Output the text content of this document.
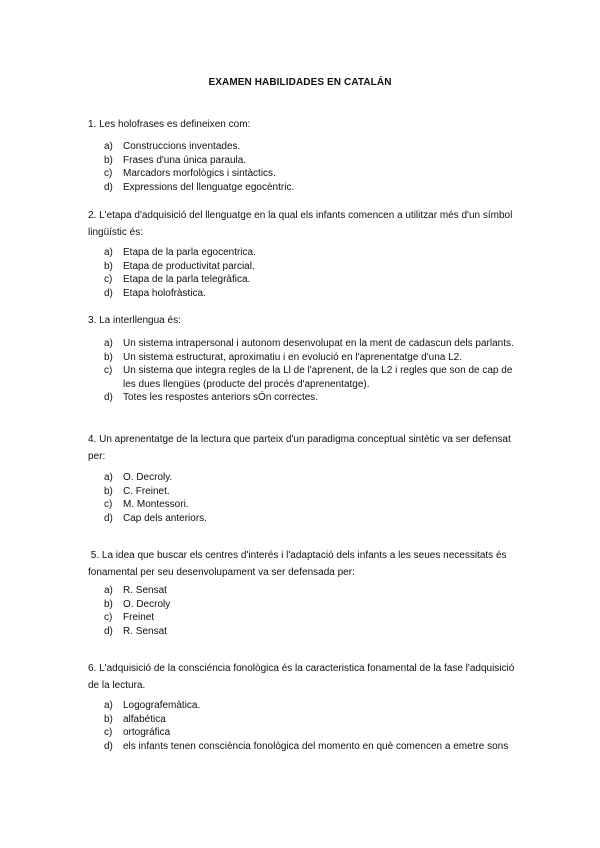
EXAMEN HABILIDADES EN CATALÁN
1. Les holofrases es defineixen com:
a)	Construccions inventades.
b)	Frases d'una única paraula.
c)	Marcadors morfològics i sintàctics.
d)	Expressions del llenguatge egocèntric.
2. L'etapa d'adquisició del llenguatge en la qual els infants comencen a utilitzar més d'un símbol lingüístic és:
a)	Etapa de la parla egocentrica.
b)	Etapa de productivitat parcial.
c)	Etapa de la parla telegràfica.
d)	Etapa holofràstica.
3. La interllengua és:
a)	Un sistema intrapersonal i autonom desenvolupat en la ment de cadascun dels parlants.
b)	Un sistema estructurat, aproximatiu i en evolució en l'aprenentatge d'una L2.
c)	Un sistema que integra regles de la Ll de l'aprenent, de la L2 i regles que son de cap de les dues llengües (producte del procés d'aprenentatge).
d)	Totes les respostes anteriors sÓn correctes.
4. Un aprenentatge de la lectura que parteix d'un paradigma conceptual sintètic va ser defensat per:
a)	O. Decroly.
b)	C. Freinet.
c)	M. Montessori.
d)	Cap dels anteriors.
5. La idea que buscar els centres d'interés i l'adaptació dels infants a les seues necessitats és fonamental per seu desenvolupament va ser defensada per:
a)	R. Sensat
b)	O. Decroly
c)	Freinet
d)	R. Sensat
6. L'adquisició de la consciéncia fonològica és la caracteristica fonamental de la fase l'adquisició de la lectura.
a)	Logografemàtica.
b)	alfabética
c)	ortográfica
d)	els infants tenen consciència fonològica del momento en què comencen a emetre sons
